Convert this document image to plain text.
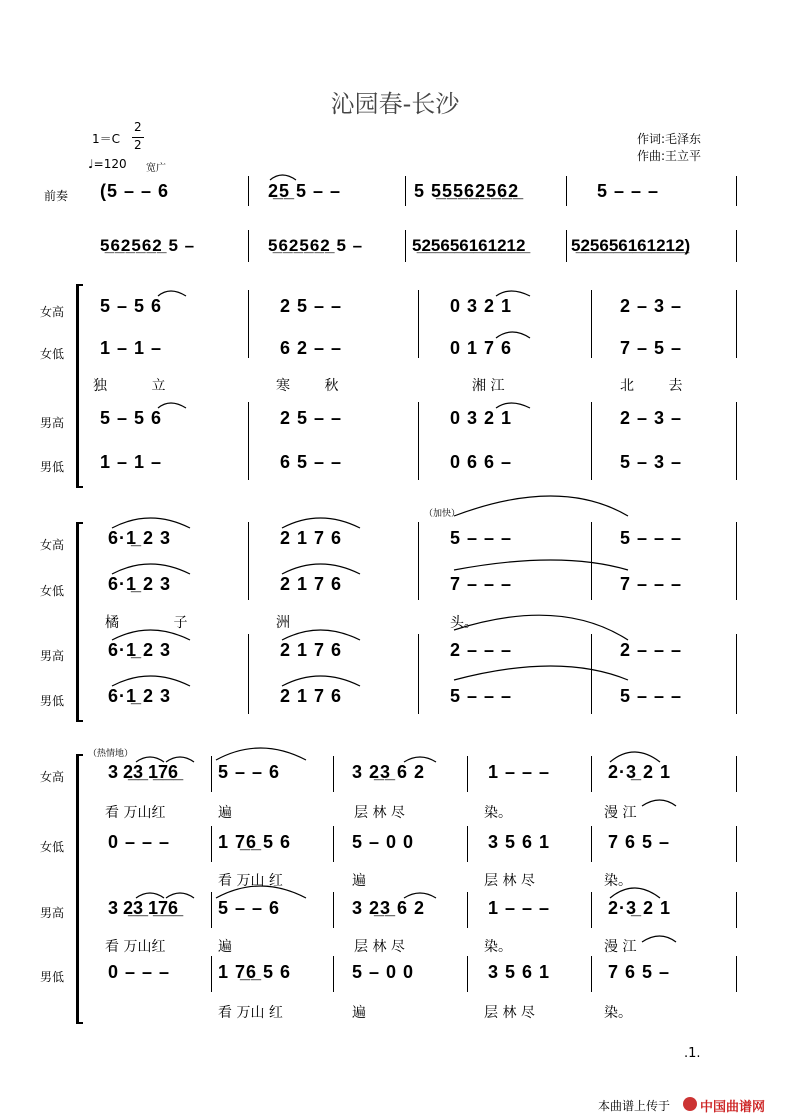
沁园春-长沙
1＝C
2
2
♩=120 宽广
作词:毛泽东
作曲:王立平
前奏 (5 – – 6	2̲5̲ 5 – –	5 5̲5̲5̲6̲2̲5̲6̲2̲	5 – – –
5̲6̲2̲5̲6̲2̲ 5 –	5̲6̲2̲5̲6̲2̲ 5 –	5̲2̲5̲6̲5̲6̲1̲6̲1̲2̲1̲2̲	5̲2̲5̲6̲5̲6̲1̲6̲1̲2̲1̲2̲)
女高
女低
男高
男低
5 – 5 6	2 5 – –	0 3 2 1	2 – 3 –
1 – 1 –	6 2 – –	0 1 7 6	7 – 5 –
独 立	寒 秋	湘 江	北 去
5 – 5 6	2 5 – –	0 3 2 1	2 – 3 –
1 – 1 –	6 5 – –	0 6 6 –	5 – 3 –
（加快）
女高
女低
男高
男低
6·1̲ 2 3	2 1 7 6	5 – – –	5 – – –
6·1̲ 2 3	2 1 7 6	7 – – –	7 – – –
橘 子	洲	头。
6·1̲ 2 3	2 1 7 6	2 – – –	2 – – –
6·1̲ 2 3	2 1 7 6	5 – – –	5 – – –
（热情地）
女高
女低
男高
男低
3 2̲3̲ 1̲7̲6̲ 5 – – 6	3 2̲3̲ 6 2	1 – – –	2·3̲ 2 1
看 万山红	遍	层 林 尽	染。	漫 江
0 – – –	1 7̲6̲ 5 6	5 – 0 0	3 5 6 1	7 6 5 –
看 万山 红	遍	层 林 尽	染。
3 2̲3̲ 1̲7̲6̲ 5 – – 6	3 2̲3̲ 6 2	1 – – –	2·3̲ 2 1
看 万山红	遍	层 林 尽	染。	漫 江
0 – – –	1 7̲6̲ 5 6	5 – 0 0	3 5 6 1	7 6 5 –
看 万山 红	遍	层 林 尽	染。
.1.
本曲谱上传于 中国曲谱网
